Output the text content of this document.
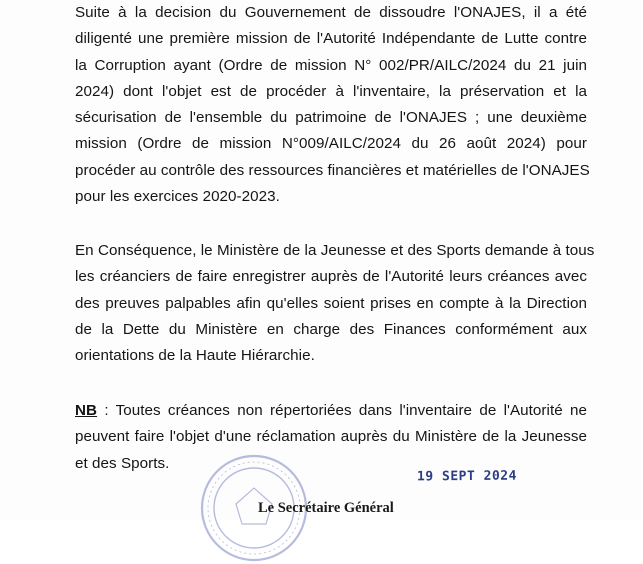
Suite à la decision du Gouvernement de dissoudre l'ONAJES, il a été
diligenté une première mission de l'Autorité Indépendante de Lutte contre
la Corruption ayant (Ordre de mission N° 002/PR/AILC/2024 du 21 juin
2024) dont l'objet est de procéder à l'inventaire, la préservation et la
sécurisation de l'ensemble du patrimoine de l'ONAJES ; une deuxième
mission (Ordre de mission N°009/AILC/2024 du 26 août 2024) pour
procéder au contrôle des ressources financières et matérielles de l'ONAJES
pour les exercices 2020-2023.

En Conséquence, le Ministère de la Jeunesse et des Sports demande à tous
les créanciers de faire enregistrer auprès de l'Autorité leurs créances avec
des preuves palpables afin qu'elles soient prises en compte à la Direction
de la Dette du Ministère en charge des Finances conformément aux
orientations de la Haute Hiérarchie.

NB : Toutes créances non répertoriées dans l'inventaire de l'Autorité ne
peuvent faire l'objet d'une réclamation auprès du Ministère de la Jeunesse
et des Sports.

19 SEPT 2024
Le Secrétaire Général
